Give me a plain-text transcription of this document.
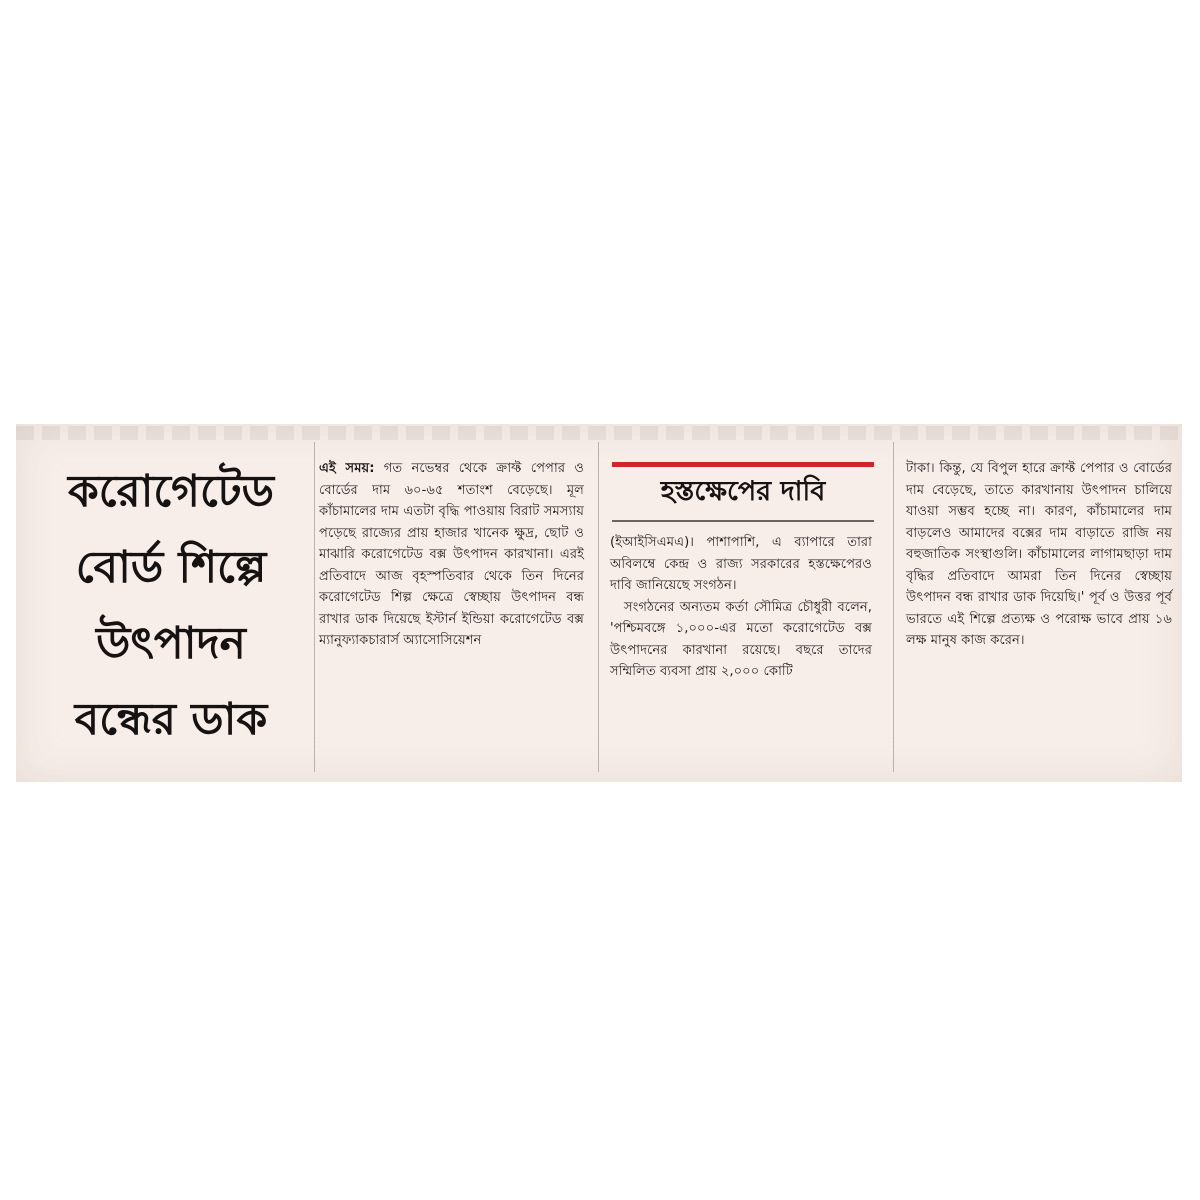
করোগেটেড
বোর্ড শিল্পে
উৎপাদন
বন্ধের ডাক

এই সময়: গত নভেম্বর থেকে ক্রাফ্ট পেপার ও বোর্ডের দাম ৬০-৬৫ শতাংশ বেড়েছে। মূল কাঁচামালের দাম এতটা বৃদ্ধি পাওয়ায় বিরাট সমস্যায় পড়েছে রাজ্যের প্রায় হাজার খানেক ক্ষুদ্র, ছোট ও মাঝারি করোগেটেড বক্স উৎপাদন কারখানা। এরই প্রতিবাদে আজ বৃহস্পতিবার থেকে তিন দিনের করোগেটেড শিল্প ক্ষেত্রে স্বেচ্ছায় উৎপাদন বন্ধ রাখার ডাক দিয়েছে ইস্টার্ন ইন্ডিয়া করোগেটেড বক্স ম্যানুফ্যাকচারার্স অ্যাসোসিয়েশন

হস্তক্ষেপের দাবি

(ইআইসিএমএ)। পাশাপাশি, এ ব্যাপারে তারা অবিলম্বে কেন্দ্র ও রাজ্য সরকারের হস্তক্ষেপেরও দাবি জানিয়েছে সংগঠন।

সংগঠনের অন্যতম কর্তা সৌমিত্র চৌধুরী বলেন, 'পশ্চিমবঙ্গে ১,০০০-এর মতো করোগেটেড বক্স উৎপাদনের কারখানা রয়েছে। বছরে তাদের সম্মিলিত ব্যবসা প্রায় ২,০০০ কোটি

টাকা। কিন্তু, যে বিপুল হারে ক্রাফ্ট পেপার ও বোর্ডের দাম বেড়েছে, তাতে কারখানায় উৎপাদন চালিয়ে যাওয়া সম্ভব হচ্ছে না। কারণ, কাঁচামালের দাম বাড়লেও আমাদের বক্সের দাম বাড়াতে রাজি নয় বহুজাতিক সংস্থাগুলি। কাঁচামালের লাগামছাড়া দাম বৃদ্ধির প্রতিবাদে আমরা তিন দিনের স্বেচ্ছায় উৎপাদন বন্ধ রাখার ডাক দিয়েছি।' পূর্ব ও উত্তর পূর্ব ভারতে এই শিল্পে প্রত্যক্ষ ও পরোক্ষ ভাবে প্রায় ১৬ লক্ষ মানুষ কাজ করেন।
